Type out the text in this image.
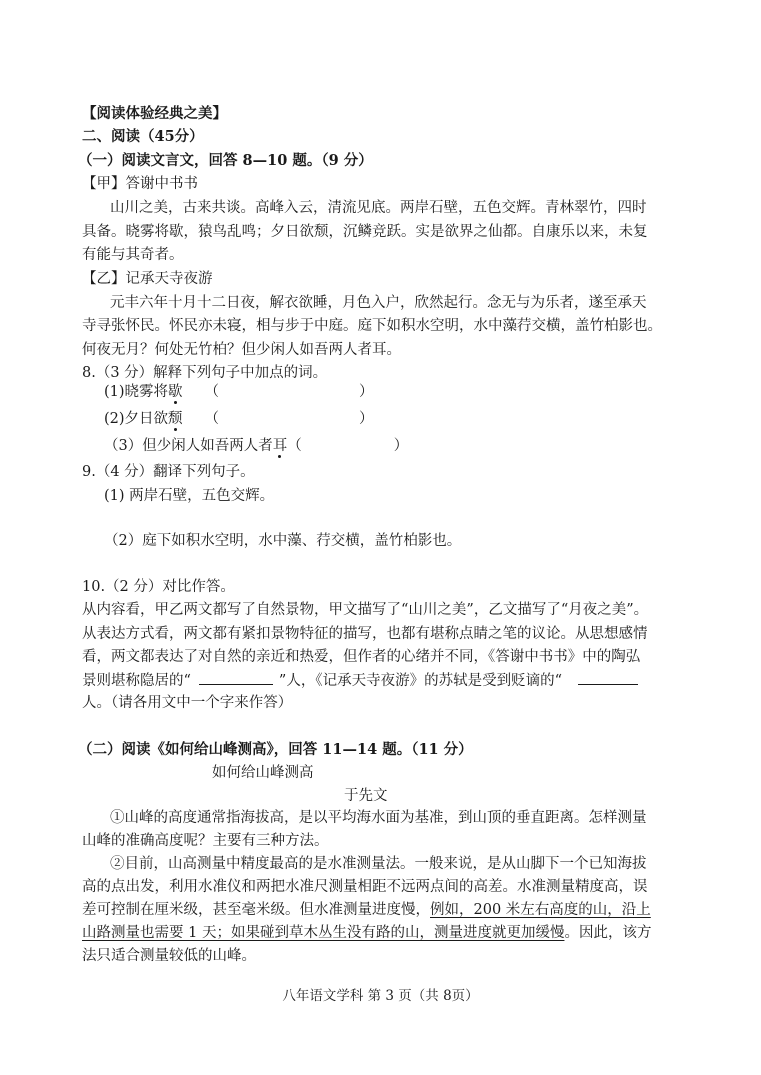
【阅读体验经典之美】
二、阅读（45分）
（一）阅读文言文，回答 8—10 题。（9 分）
【甲】答谢中书书
山川之美，古来共谈。高峰入云，清流见底。两岸石壁，五色交辉。青林翠竹，四时
具备。晓雾将歇，猿鸟乱鸣；夕日欲颓，沉鳞竞跃。实是欲界之仙都。自康乐以来，未复
有能与其奇者。
【乙】记承天寺夜游
元丰六年十月十二日夜，解衣欲睡，月色入户，欣然起行。念无与为乐者，遂至承天
寺寻张怀民。怀民亦未寝，相与步于中庭。庭下如积水空明，水中藻荇交横，盖竹柏影也。
何夜无月？何处无竹柏？但少闲人如吾两人者耳。
8.（3 分）解释下列句子中加点的词。
(1)晓雾将歇 （	）
(2)夕日欲颓 （	）
（3）但少闲人如吾两人者耳（	）
9.（4 分）翻译下列句子。
(1) 两岸石壁，五色交辉。
（2）庭下如积水空明，水中藻、荇交横，盖竹柏影也。
10.（2 分）对比作答。
从内容看，甲乙两文都写了自然景物，甲文描写了“山川之美”，乙文描写了“月夜之美”。
从表达方式看，两文都有紧扣景物特征的描写，也都有堪称点睛之笔的议论。从思想感情
看，两文都表达了对自然的亲近和热爱，但作者的心绪并不同，《答谢中书书》中的陶弘
景则堪称隐居的“	”人，《记承天寺夜游》的苏轼是受到贬谪的“
人。（请各用文中一个字来作答）
（二）阅读《如何给山峰测高》，回答 11—14 题。（11 分）
如何给山峰测高
于先文
①山峰的高度通常指海拔高，是以平均海水面为基准，到山顶的垂直距离。怎样测量
山峰的准确高度呢？主要有三种方法。
②目前，山高测量中精度最高的是水准测量法。一般来说，是从山脚下一个已知海拔
高的点出发，利用水准仪和两把水准尺测量相距不远两点间的高差。水准测量精度高，误
差可控制在厘米级，甚至毫米级。但水准测量进度慢，例如，200 米左右高度的山，沿上
山路测量也需要 1 天；如果碰到草木丛生没有路的山，测量进度就更加缓慢。因此，该方
法只适合测量较低的山峰。
八年语文学科 第 3 页（共 8页）
